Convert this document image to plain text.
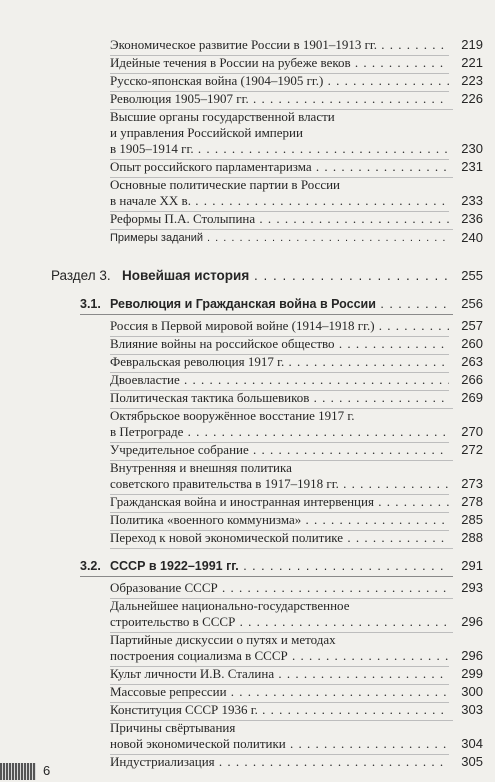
Экономическое развитие России в 1901–1913 гг. . . .	219
Идейные течения в России на рубеже веков . . .	221
Русско-японская война (1904–1905 гг.) . . .	223
Революция 1905–1907 гг. . . .	226
Высшие органы государственной власти
и управления Российской империи
в 1905–1914 гг. . . .	230
Опыт российского парламентаризма . . .	231
Основные политические партии в России
в начале XX в. . . .	233
Реформы П.А. Столыпина . . .	236
Примеры заданий . . .	240
Раздел 3. Новейшая история . . .	255
3.1. Революция и Гражданская война в России . . .	256
Россия в Первой мировой войне (1914–1918 гг.) . . .	257
Влияние войны на российское общество . . .	260
Февральская революция 1917 г. . . .	263
Двоевластие . . .	266
Политическая тактика большевиков . . .	269
Октябрьское вооружённое восстание 1917 г.
в Петрограде . . .	270
Учредительное собрание . . .	272
Внутренняя и внешняя политика
советского правительства в 1917–1918 гг. . . .	273
Гражданская война и иностранная интервенция . . .	278
Политика «военного коммунизма» . . .	285
Переход к новой экономической политике . . .	288
3.2. СССР в 1922–1991 гг. . . .	291
Образование СССР . . .	293
Дальнейшее национально-государственное
строительство в СССР . . .	296
Партийные дискуссии о путях и методах
построения социализма в СССР . . .	296
Культ личности И.В. Сталина . . .	299
Массовые репрессии . . .	300
Конституция СССР 1936 г. . . .	303
Причины свёртывания
новой экономической политики . . .	304
Индустриализация . . .	305
6
